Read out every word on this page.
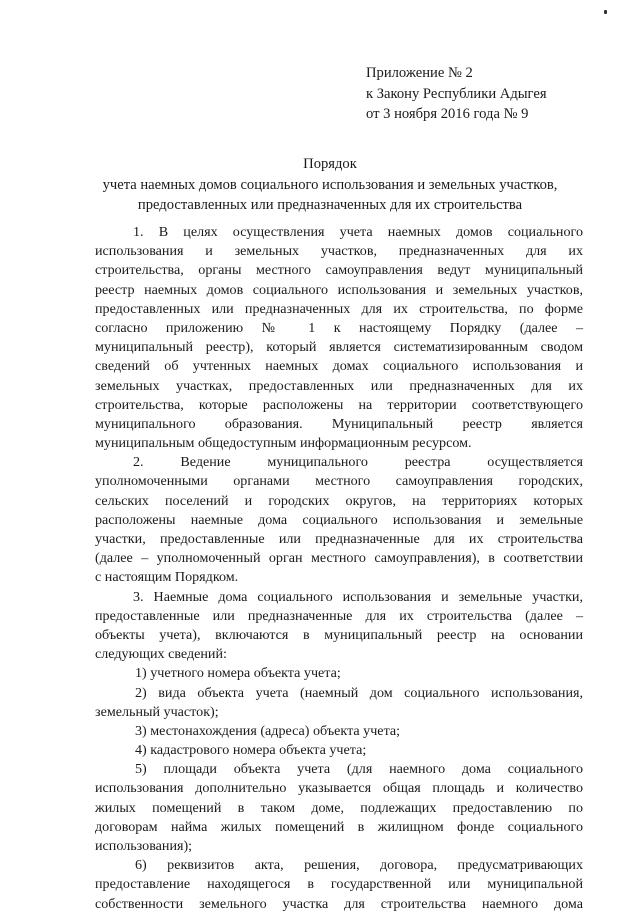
Приложение № 2
к Закону Республики Адыгея
от 3 ноября 2016 года № 9
Порядок
учета наемных домов социального использования и земельных участков,
предоставленных или предназначенных для их строительства
1. В целях осуществления учета наемных домов социального
использования и земельных участков, предназначенных для их
строительства, органы местного самоуправления ведут муниципальный
реестр наемных домов социального использования и земельных участков,
предоставленных или предназначенных для их строительства, по форме
согласно приложению № 1 к настоящему Порядку (далее –
муниципальный реестр), который является систематизированным сводом
сведений об учтенных наемных домах социального использования и
земельных участках, предоставленных или предназначенных для их
строительства, которые расположены на территории соответствующего
муниципального образования. Муниципальный реестр является
муниципальным общедоступным информационным ресурсом.
2. Ведение муниципального реестра осуществляется
уполномоченными органами местного самоуправления городских,
сельских поселений и городских округов, на территориях которых
расположены наемные дома социального использования и земельные
участки, предоставленные или предназначенные для их строительства
(далее – уполномоченный орган местного самоуправления), в соответствии
с настоящим Порядком.
3. Наемные дома социального использования и земельные участки,
предоставленные или предназначенные для их строительства (далее –
объекты учета), включаются в муниципальный реестр на основании
следующих сведений:
1) учетного номера объекта учета;
2) вида объекта учета (наемный дом социального использования,
земельный участок);
3) местонахождения (адреса) объекта учета;
4) кадастрового номера объекта учета;
5) площади объекта учета (для наемного дома социального
использования дополнительно указывается общая площадь и количество
жилых помещений в таком доме, подлежащих предоставлению по
договорам найма жилых помещений в жилищном фонде социального
использования);
6) реквизитов акта, решения, договора, предусматривающих
предоставление находящегося в государственной или муниципальной
собственности земельного участка для строительства наемного дома
